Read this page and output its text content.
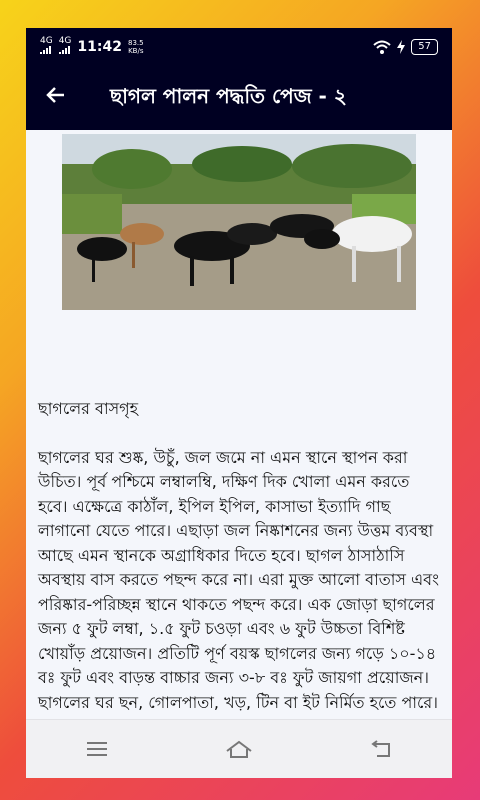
4G 4G 11:42 83.5
KB/s	57
ছাগল পালন পদ্ধতি পেজ - ২

ছাগলের বাসগৃহ

ছাগলের ঘর শুষ্ক, উচুঁ, জল জমে না এমন স্থানে স্থাপন করা উচিত। পূর্ব পশ্চিমে লম্বালম্বি, দক্ষিণ দিক খোলা এমন করতে হবে। এক্ষেত্রে কাঠাঁল, ইপিল ইপিল, কাসাভা ইত্যাদি গাছ লাগানো যেতে পারে। এছাড়া জল নিষ্কাশনের জন্য উত্তম ব্যবস্থা আছে এমন স্থানকে অগ্রাধিকার দিতে হবে। ছাগল ঠাসাঠাসি অবস্থায় বাস করতে পছন্দ করে না। এরা মুক্ত আলো বাতাস এবং পরিষ্কার-পরিচ্ছন্ন স্থানে থাকতে পছন্দ করে। এক জোড়া ছাগলের জন্য ৫ ফুট লম্বা, ১.৫ ফুট চওড়া এবং ৬ ফুট উচ্চতা বিশিষ্ট খোয়াঁড় প্রয়োজন। প্রতিটি পূর্ণ বয়স্ক ছাগলের জন্য গড়ে ১০-১৪ বঃ ফুট এবং বাড়ন্ত বাচ্চার জন্য ৩-৮ বঃ ফুট জায়গা প্রয়োজন। ছাগলের ঘর ছন, গোলপাতা, খড়, টিন বা ইট নির্মিত হতে পারে।
